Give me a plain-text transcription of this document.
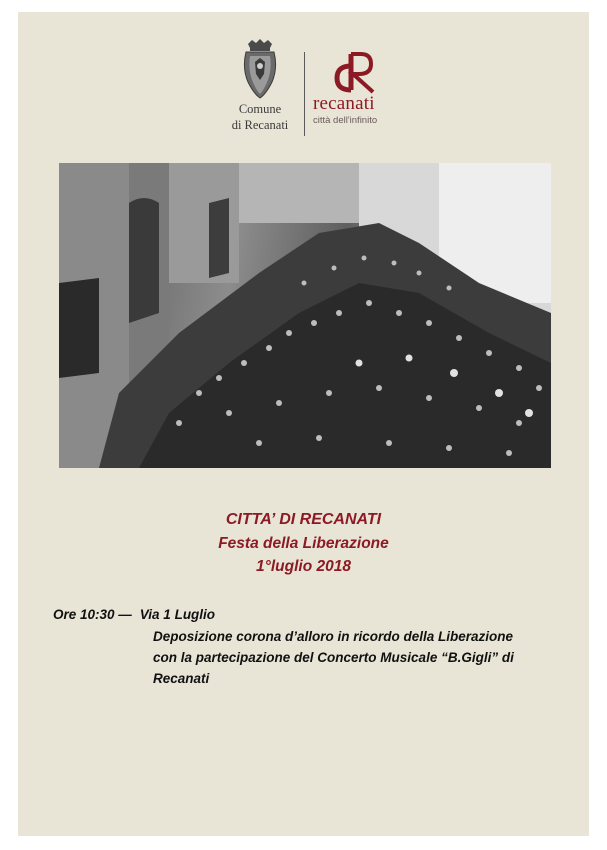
Comune
di Recanati
recanati
città dell'infinito
CITTA’ DI RECANATI
Festa della Liberazione
1°luglio 2018
Ore 10:30 — Via 1 Luglio
Deposizione corona d’alloro in ricordo della Liberazione
con la partecipazione del Concerto Musicale “B.Gigli” di
Recanati
